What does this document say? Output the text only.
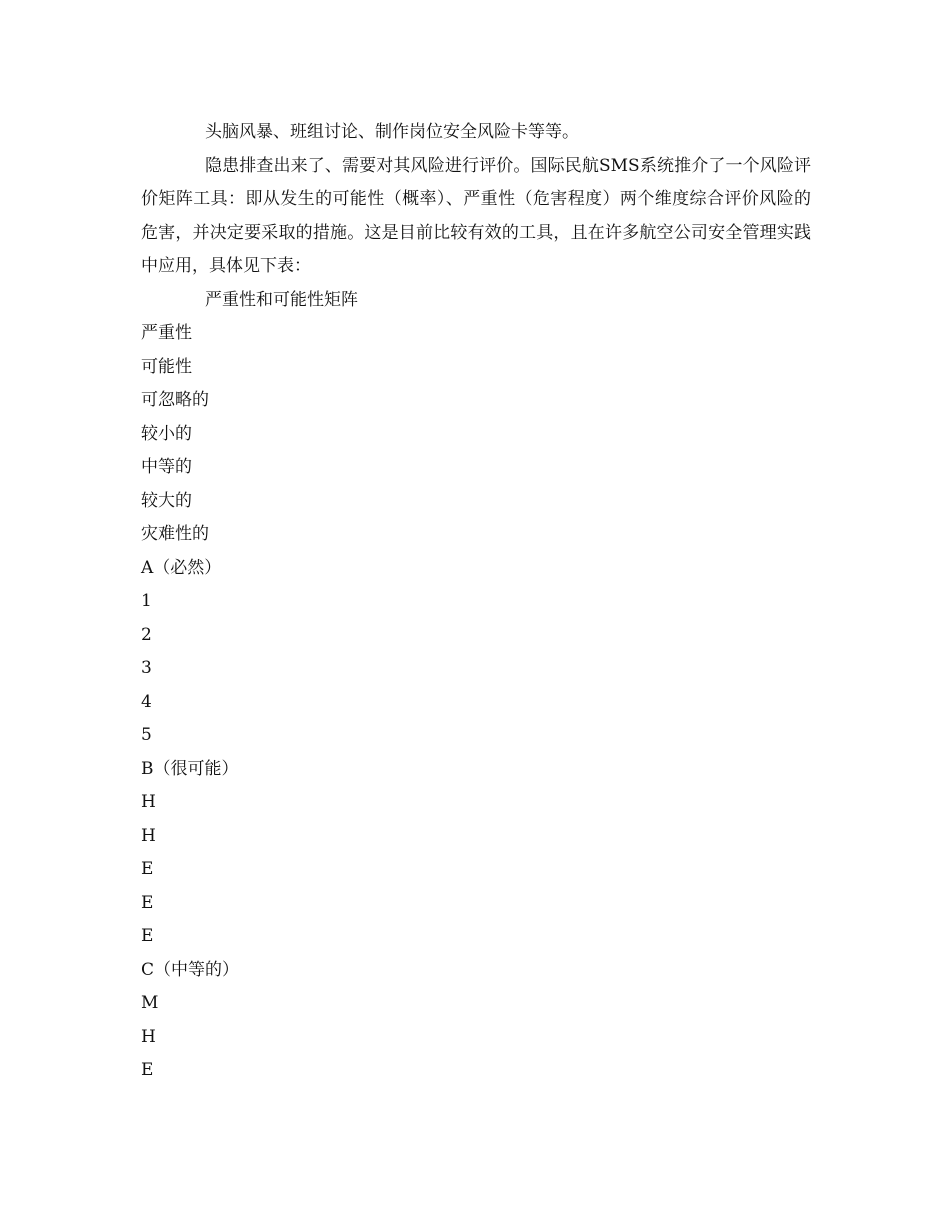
头脑风暴、班组讨论、制作岗位安全风险卡等等。

隐患排查出来了、需要对其风险进行评价。国际民航SMS系统推介了一个风险评价矩阵工具：即从发生的可能性（概率）、严重性（危害程度）两个维度综合评价风险的危害，并决定要采取的措施。这是目前比较有效的工具，且在许多航空公司安全管理实践中应用，具体见下表：

严重性和可能性矩阵

严重性

可能性

可忽略的

较小的

中等的

较大的

灾难性的

A（必然）

1

2

3

4

5

B（很可能）

H

H

E

E

E

C（中等的）

M

H

E
